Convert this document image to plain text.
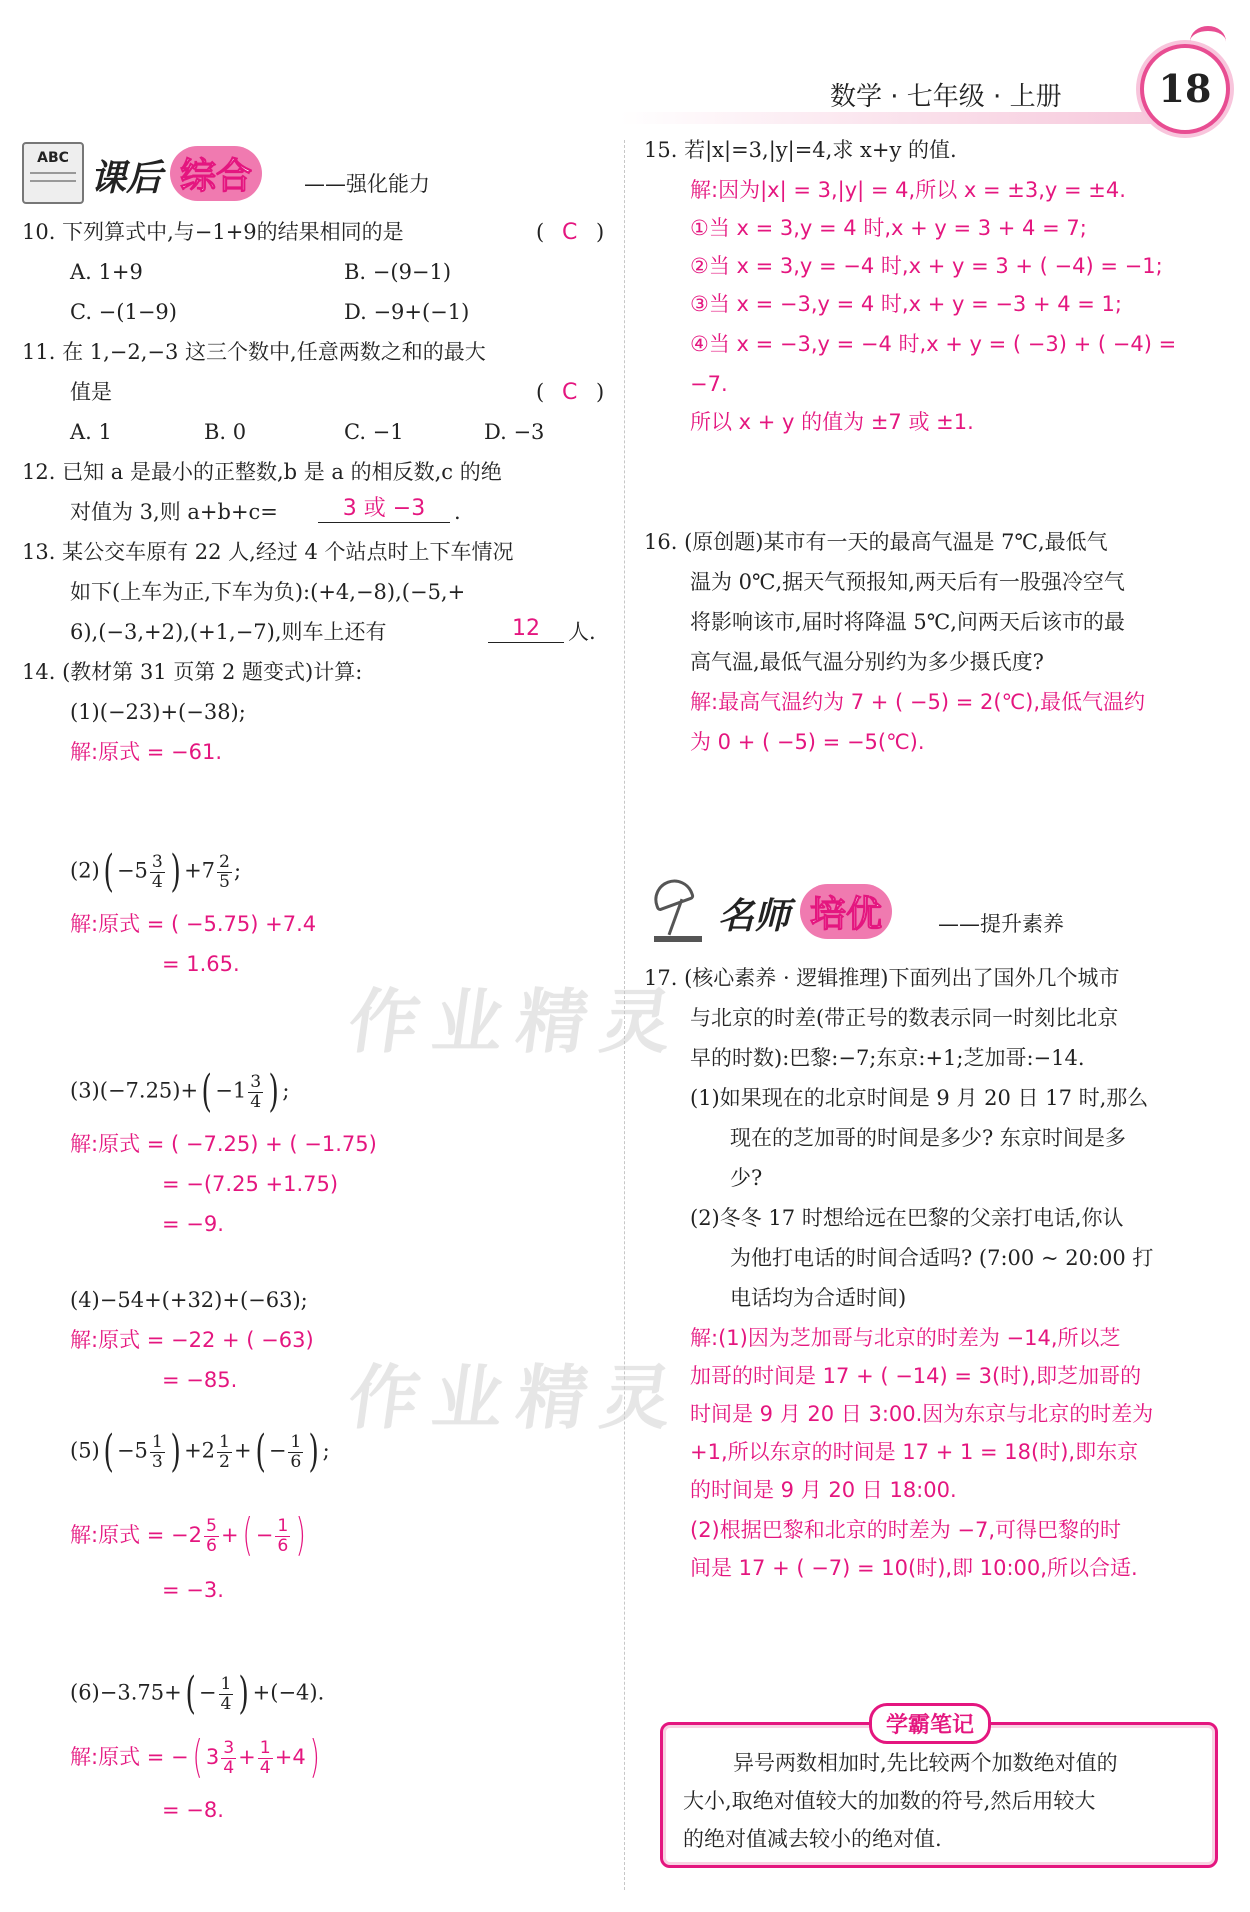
数学 · 七年级 · 上册	18
ABC 课后 综合	——强化能力
10. 下列算式中,与−1+9的结果相同的是	( C )
A. 1+9	B. −(9−1)
C. −(1−9)	D. −9+(−1)
11. 在 1,−2,−3 这三个数中,任意两数之和的最大
值是	( C )
A. 1	B. 0	C. −1	D. −3
12. 已知 a 是最小的正整数,b 是 a 的相反数,c 的绝
对值为 3,则 a+b+c=	3 或 −3	.
13. 某公交车原有 22 人,经过 4 个站点时上下车情况
如下(上车为正,下车为负):(+4,−8),(−5,+
6),(−3,+2),(+1,−7),则车上还有	12	人.
14. (教材第 31 页第 2 题变式)计算:
(1)(−23)+(−38);
解:原式 = −61.
$(2)( -5 \frac{3}{4}$ ) $+7 \frac{2}{5}$ ;
解:原式 = ( −5.75) +7.4
= 1.65.
$(3)(-7.25)+( -1 \frac{3}{4}$ ) ;
解:原式 = ( −7.25) + ( −1.75)
= −(7.25 +1.75)
= −9.
(4)−54+(+32)+(−63);
解:原式 = −22 + ( −63)
= −85.
$(5)( -5 \frac{1}{3}$ ) $+2 \frac{1}{2}$ +( − $\frac{1}{6}$ ) ;
解:原式 = $-2 \frac{5}{6}$ +( − $\frac{1}{6}$ )
= −3.
$(6)-3.75+( - \frac{1}{4}$ ) +(−4).
解:原式 = −( $3 \frac{3}{4} + \frac{1}{4} +4$)
= −8.
15. 若|x|=3,|y|=4,求 x+y 的值.
解:因为|x| = 3,|y| = 4,所以 x = ±3,y = ±4.
①当 x = 3,y = 4 时,x + y = 3 + 4 = 7;
②当 x = 3,y = −4 时,x + y = 3 + ( −4) = −1;
③当 x = −3,y = 4 时,x + y = −3 + 4 = 1;
④当 x = −3,y = −4 时,x + y = ( −3) + ( −4) =
−7.
所以 x + y 的值为 ±7 或 ±1.
16. (原创题)某市有一天的最高气温是 7℃,最低气
温为 0℃,据天气预报知,两天后有一股强冷空气
将影响该市,届时将降温 5℃,问两天后该市的最
高气温,最低气温分别约为多少摄氏度?
解:最高气温约为 7 + ( −5) = 2(℃),最低气温约
为 0 + ( −5) = −5(℃).
名师 培优	——提升素养
17. (核心素养 · 逻辑推理)下面列出了国外几个城市
与北京的时差(带正号的数表示同一时刻比北京
早的时数):巴黎:−7;东京:+1;芝加哥:−14.
(1)如果现在的北京时间是 9 月 20 日 17 时,那么
现在的芝加哥的时间是多少? 东京时间是多
少?
(2)冬冬 17 时想给远在巴黎的父亲打电话,你认
为他打电话的时间合适吗? (7:00 ~ 20:00 打
电话均为合适时间)
解:(1)因为芝加哥与北京的时差为 −14,所以芝
加哥的时间是 17 + ( −14) = 3(时),即芝加哥的
时间是 9 月 20 日 3:00.因为东京与北京的时差为
+1,所以东京的时间是 17 + 1 = 18(时),即东京
的时间是 9 月 20 日 18:00.
(2)根据巴黎和北京的时差为 −7,可得巴黎的时
间是 17 + ( −7) = 10(时),即 10:00,所以合适.
学霸笔记
异号两数相加时,先比较两个加数绝对值的
大小,取绝对值较大的加数的符号,然后用较大
的绝对值减去较小的绝对值.
作业精灵
作业精灵
